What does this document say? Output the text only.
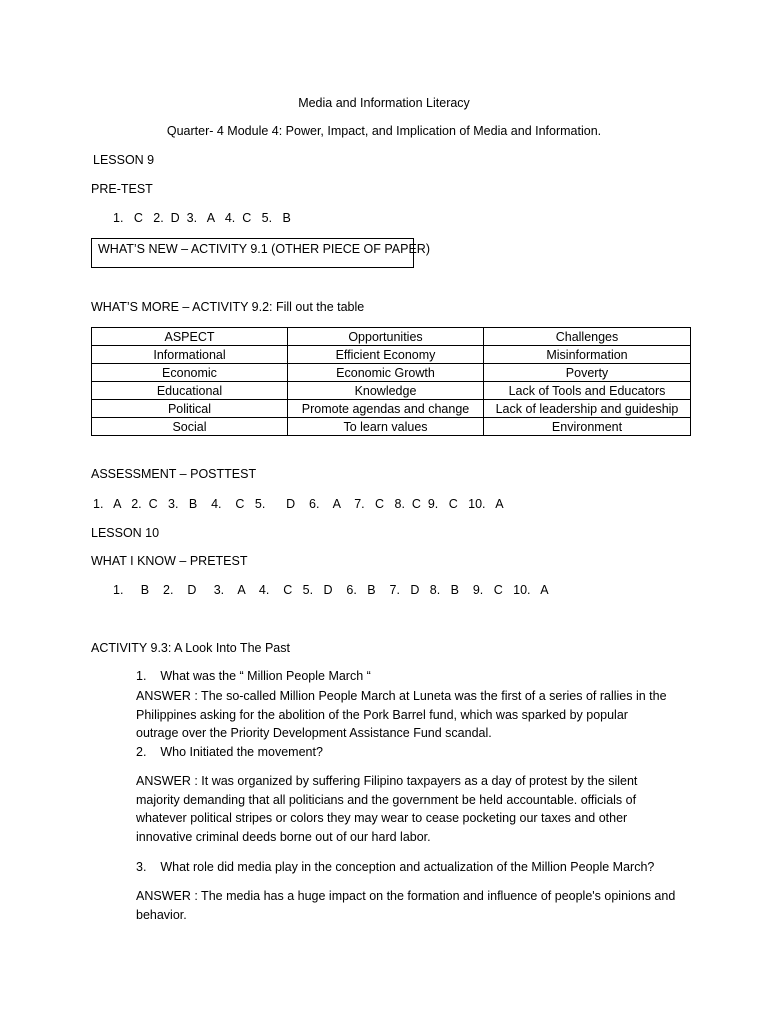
Media and Information Literacy
Quarter- 4 Module 4: Power, Impact, and Implication of Media and Information.
LESSON 9
PRE-TEST
1.   C   2.  D  3.   A   4.  C   5.   B
WHAT’S NEW – ACTIVITY 9.1 (OTHER PIECE OF PAPER)
WHAT’S MORE – ACTIVITY 9.2: Fill out the table
ASPECT	Opportunities	Challenges
Informational	Efficient Economy	Misinformation
Economic	Economic Growth	Poverty
Educational	Knowledge	Lack of Tools and Educators
Political	Promote agendas and change	Lack of leadership and guideship
Social	To learn values	Environment
ASSESSMENT – POSTTEST
1.   A   2.  C   3.   B    4.    C   5.      D    6.    A    7.   C   8.  C  9.   C   10.   A
LESSON 10
WHAT I KNOW – PRETEST
1.     B    2.    D     3.    A    4.    C   5.   D    6.   B    7.   D   8.   B    9.   C   10.   A
ACTIVITY 9.3: A Look Into The Past
1.    What was the “ Million People March “
ANSWER : The so-called Million People March at Luneta was the first of a series of rallies in the
Philippines asking for the abolition of the Pork Barrel fund, which was sparked by popular
outrage over the Priority Development Assistance Fund scandal.
2.    Who Initiated the movement?
ANSWER : It was organized by suffering Filipino taxpayers as a day of protest by the silent
majority demanding that all politicians and the government be held accountable. officials of
whatever political stripes or colors they may wear to cease pocketing our taxes and other
innovative criminal deeds borne out of our hard labor.
3.    What role did media play in the conception and actualization of the Million People March?
ANSWER : The media has a huge impact on the formation and influence of people's opinions and
behavior.
